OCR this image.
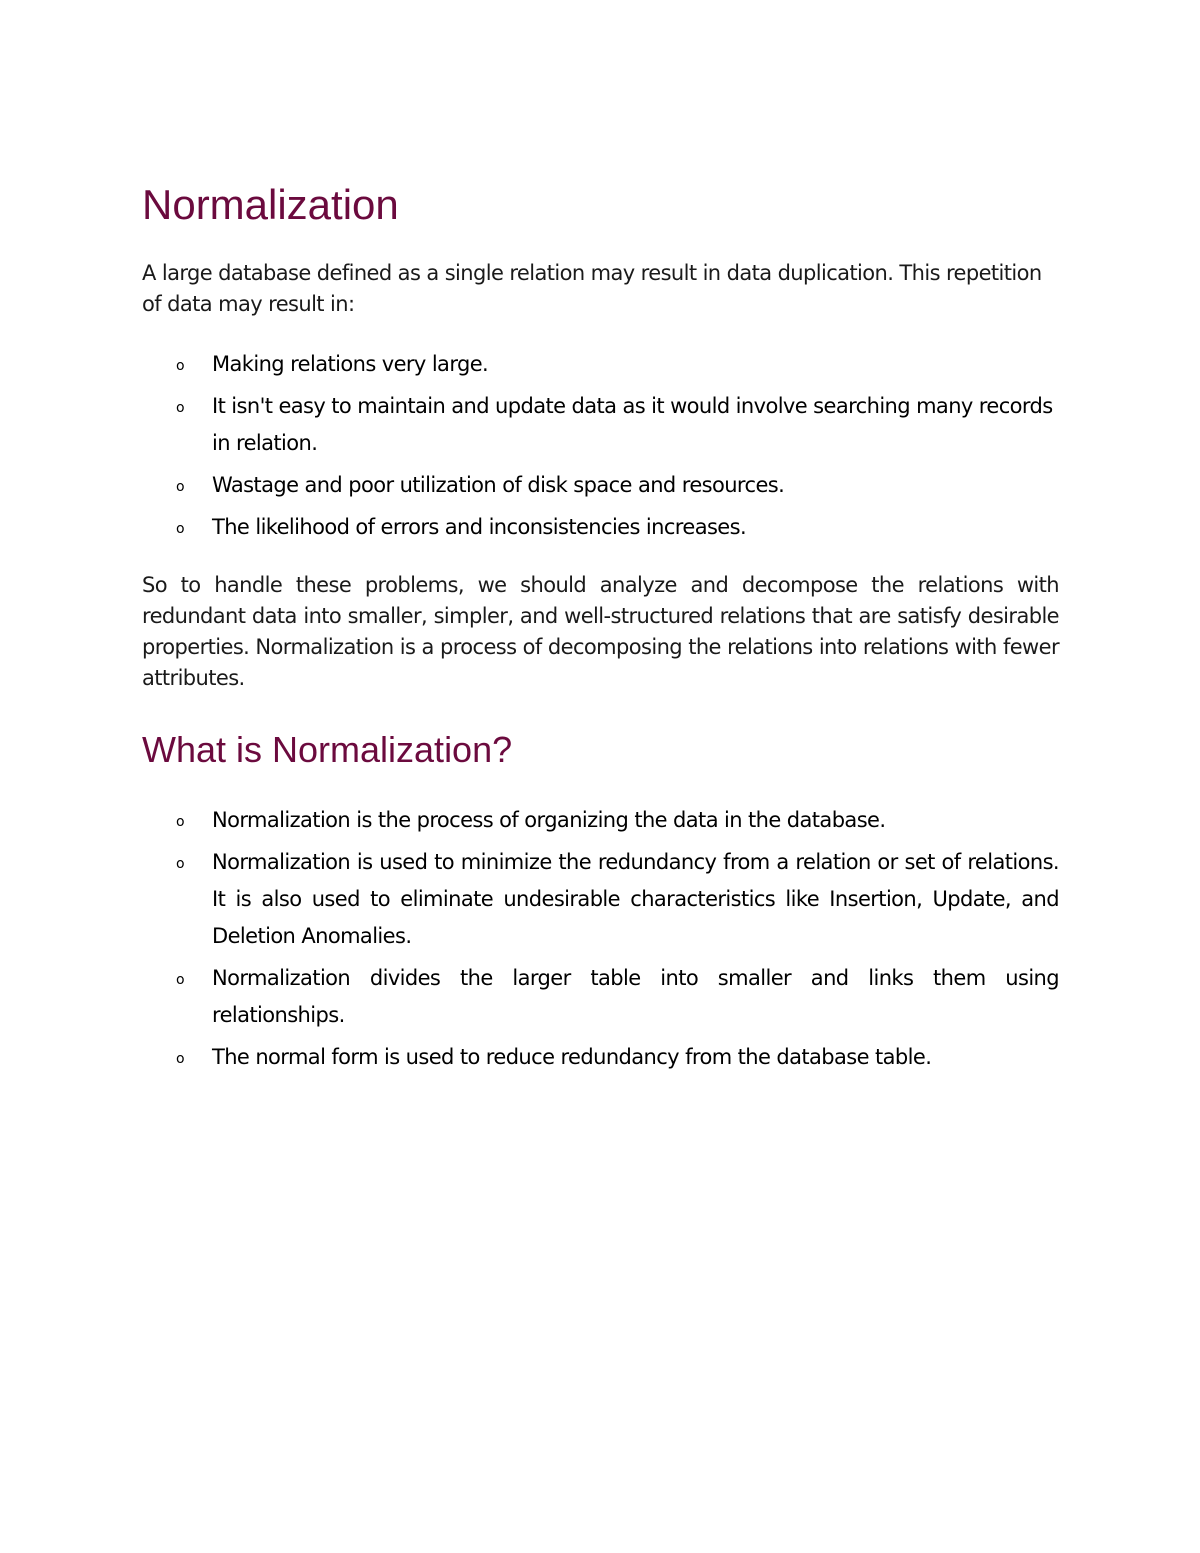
Normalization

A large database defined as a single relation may result in data duplication. This repetition of data may result in:

o Making relations very large.
o It isn't easy to maintain and update data as it would involve searching many records in relation.
o Wastage and poor utilization of disk space and resources.
o The likelihood of errors and inconsistencies increases.

So to handle these problems, we should analyze and decompose the relations with redundant data into smaller, simpler, and well-structured relations that are satisfy desirable properties. Normalization is a process of decomposing the relations into relations with fewer attributes.

What is Normalization?
o Normalization is the process of organizing the data in the database.
o Normalization is used to minimize the redundancy from a relation or set of relations. It is also used to eliminate undesirable characteristics like Insertion, Update, and Deletion Anomalies.
o Normalization divides the larger table into smaller and links them using relationships.
o The normal form is used to reduce redundancy from the database table.
